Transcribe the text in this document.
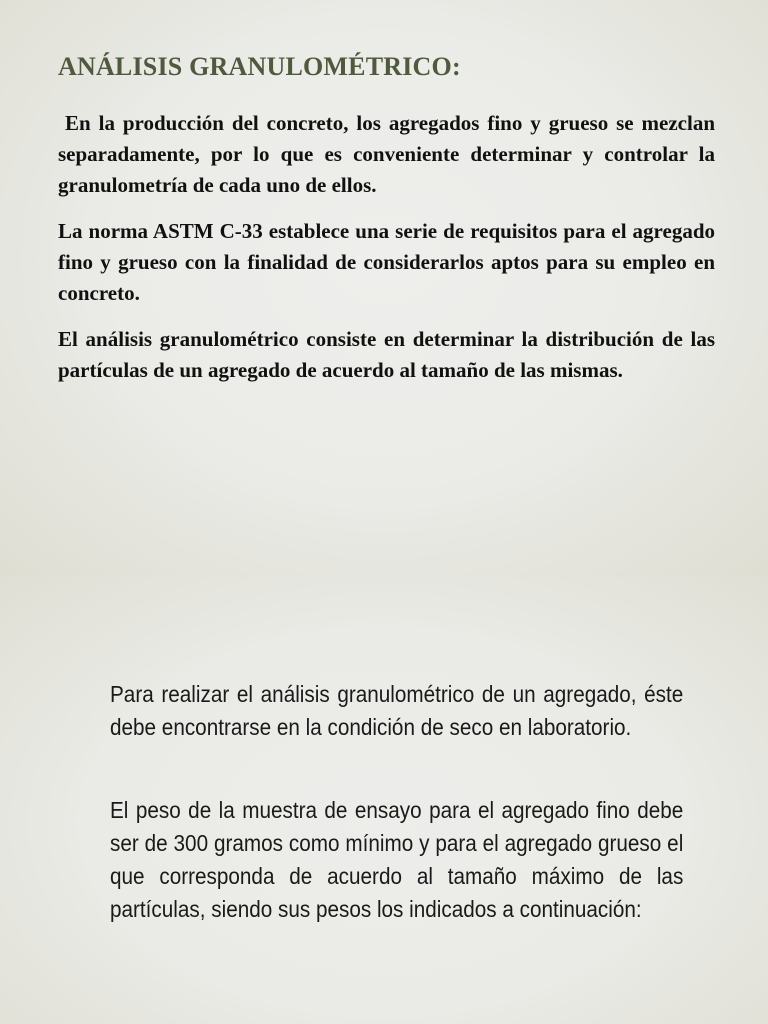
ANÁLISIS GRANULOMÉTRICO:

En la producción del concreto, los agregados fino y grueso se mezclan separadamente, por lo que es conveniente determinar y controlar la granulometría de cada uno de ellos.

La norma ASTM C-33 establece una serie de requisitos para el agregado fino y grueso con la finalidad de considerarlos aptos para su empleo en concreto.

El análisis granulométrico consiste en determinar la distribución de las partículas de un agregado de acuerdo al tamaño de las mismas.

Para realizar el análisis granulométrico de un agregado, éste debe encontrarse en la condición de seco en laboratorio.

El peso de la muestra de ensayo para el agregado fino debe ser de 300 gramos como mínimo y para el agregado grueso el que corresponda de acuerdo al tamaño máximo de las partículas, siendo sus pesos los indicados a continuación:
